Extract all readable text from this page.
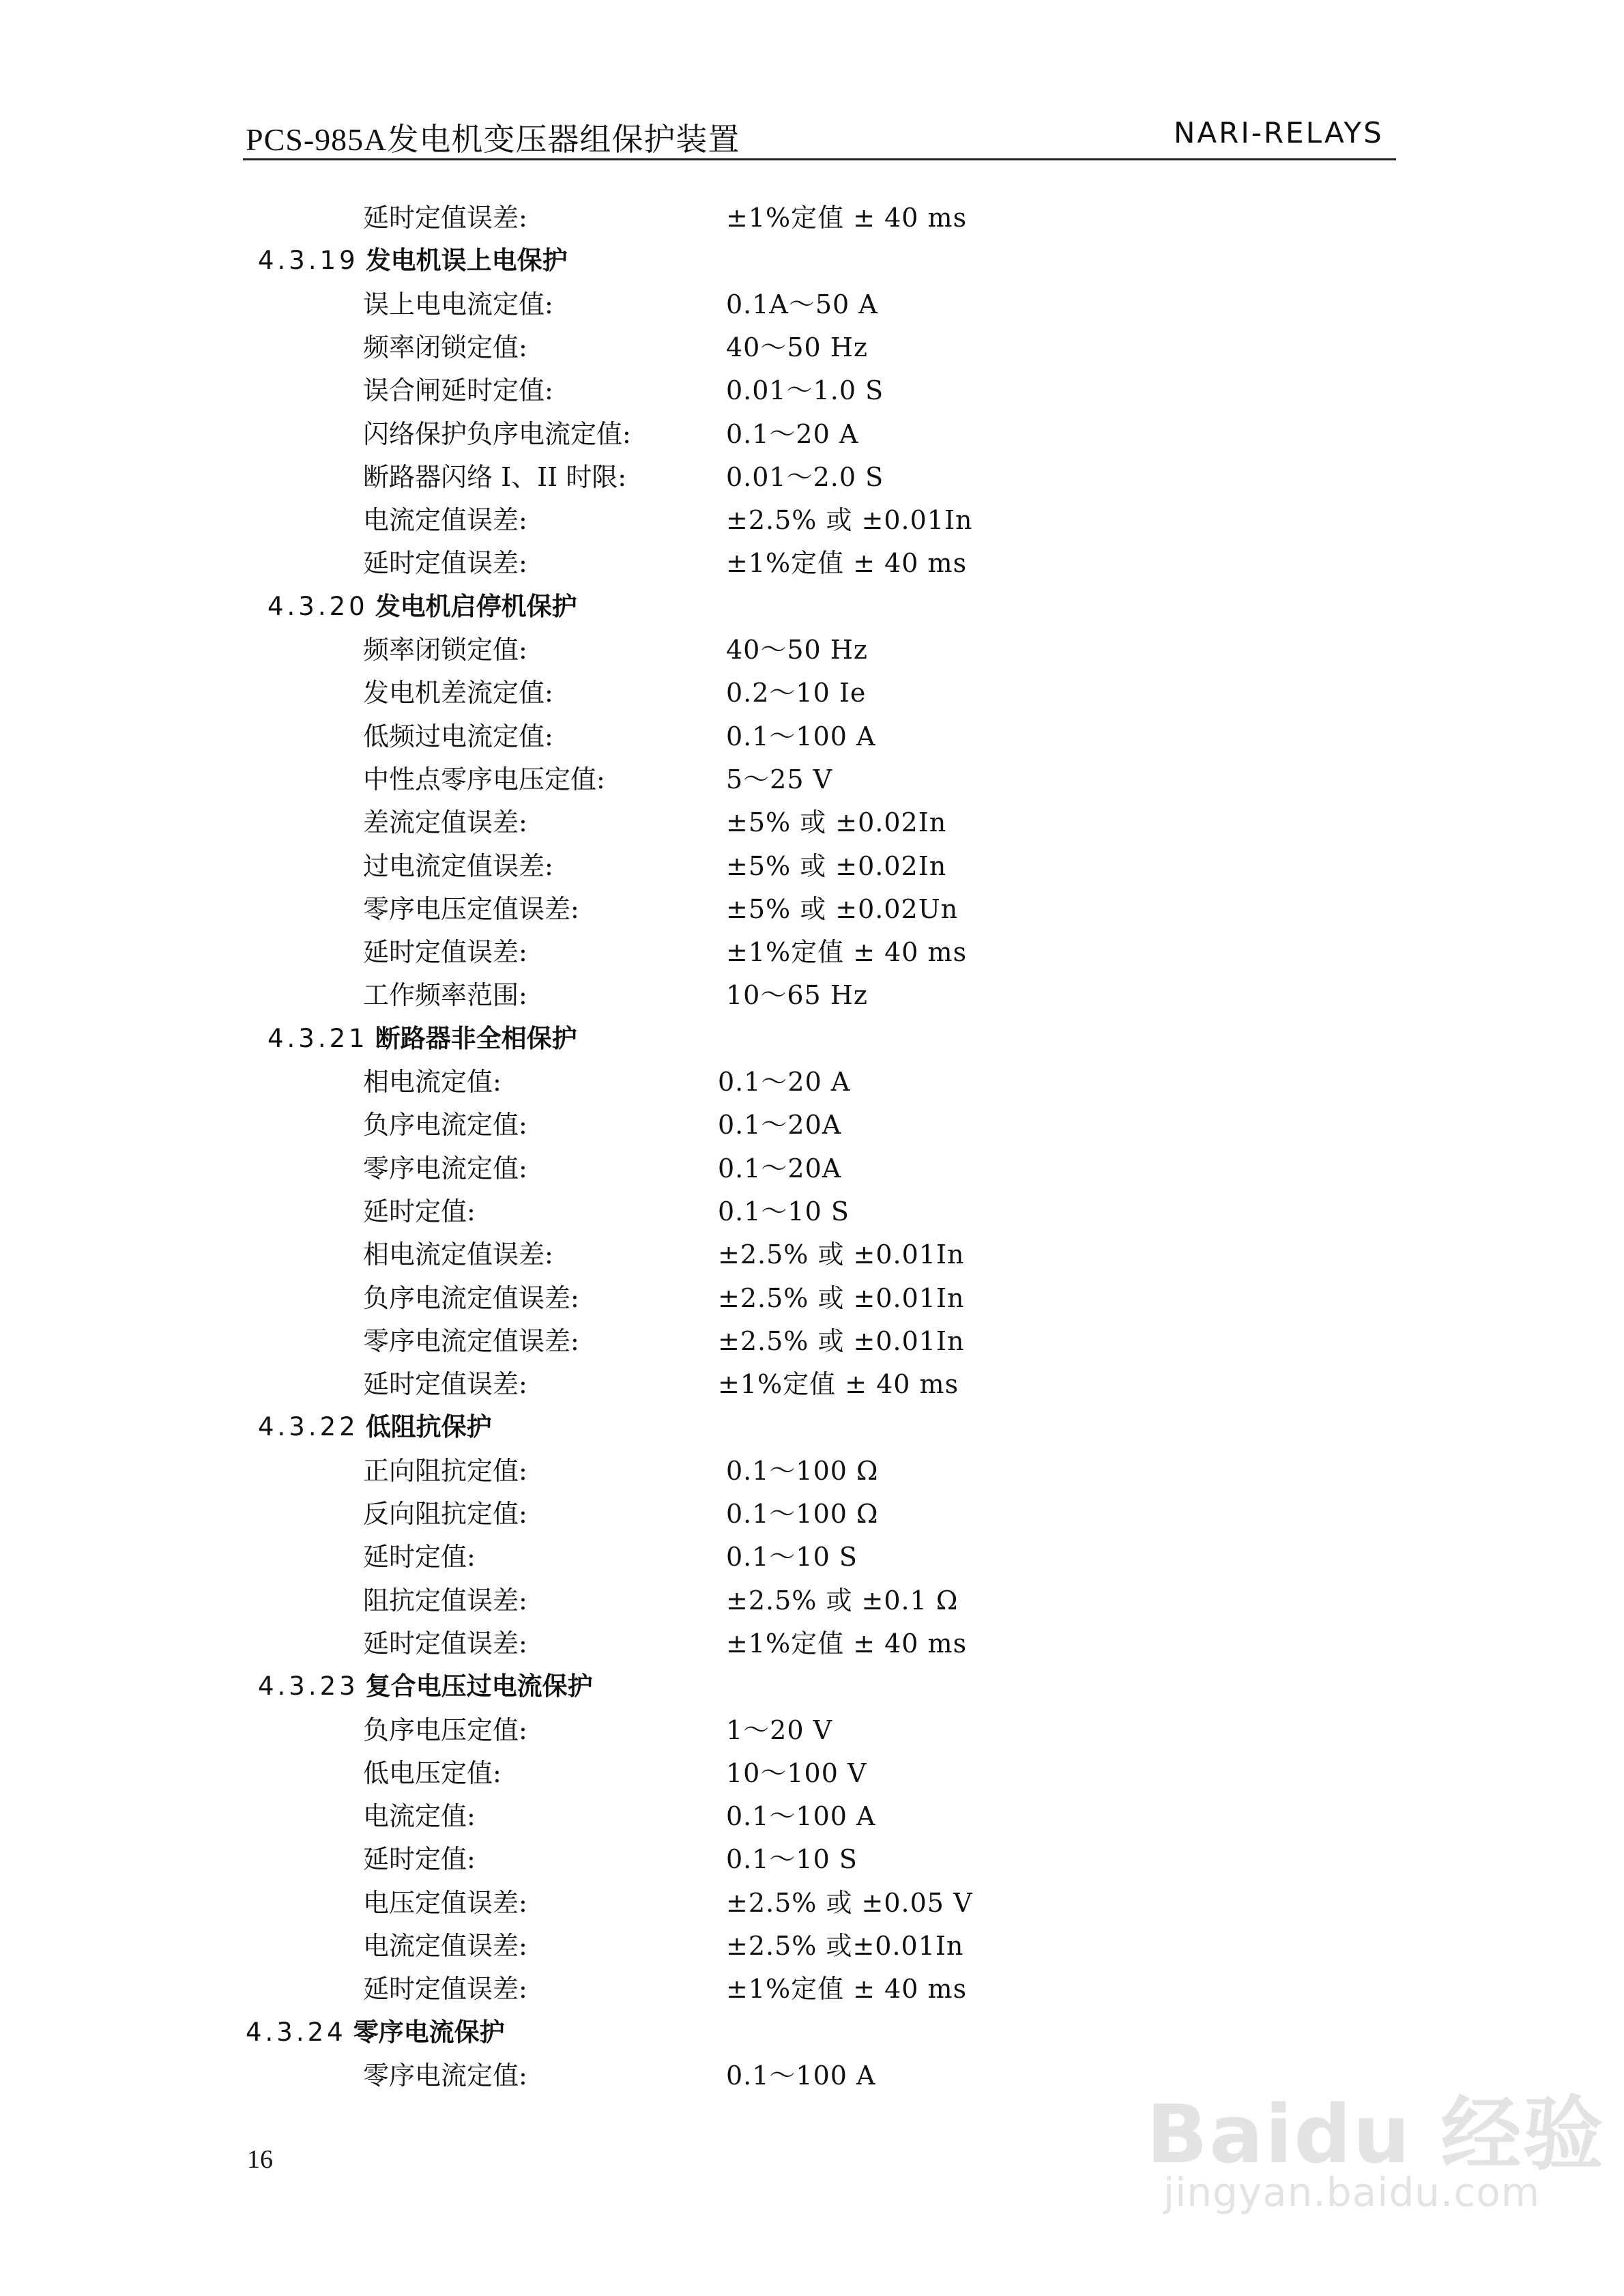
PCS-985A发电机变压器组保护装置	NARI-RELAYS
延时定值误差:	±1%定值 ± 40 ms
4.3.19 发电机误上电保护
误上电电流定值:	0.1A～50 A
频率闭锁定值:	40～50 Hz
误合闸延时定值:	0.01～1.0 S
闪络保护负序电流定值:	0.1～20 A
断路器闪络 I、II 时限:	0.01～2.0 S
电流定值误差:	±2.5% 或 ±0.01In
延时定值误差:	±1%定值 ± 40 ms
4.3.20 发电机启停机保护
频率闭锁定值:	40～50 Hz
发电机差流定值:	0.2～10 Ie
低频过电流定值:	0.1～100 A
中性点零序电压定值:	5～25 V
差流定值误差:	±5% 或 ±0.02In
过电流定值误差:	±5% 或 ±0.02In
零序电压定值误差:	±5% 或 ±0.02Un
延时定值误差:	±1%定值 ± 40 ms
工作频率范围:	10～65 Hz
4.3.21 断路器非全相保护
相电流定值:	0.1～20 A
负序电流定值:	0.1～20A
零序电流定值:	0.1～20A
延时定值:	0.1～10 S
相电流定值误差:	±2.5% 或 ±0.01In
负序电流定值误差:	±2.5% 或 ±0.01In
零序电流定值误差:	±2.5% 或 ±0.01In
延时定值误差:	±1%定值 ± 40 ms
4.3.22 低阻抗保护
正向阻抗定值:	0.1～100 Ω
反向阻抗定值:	0.1～100 Ω
延时定值:	0.1～10 S
阻抗定值误差:	±2.5% 或 ±0.1 Ω
延时定值误差:	±1%定值 ± 40 ms
4.3.23 复合电压过电流保护
负序电压定值:	1～20 V
低电压定值:	10～100 V
电流定值:	0.1～100 A
延时定值:	0.1～10 S
电压定值误差:	±2.5% 或 ±0.05 V
电流定值误差:	±2.5% 或±0.01In
延时定值误差:	±1%定值 ± 40 ms
4.3.24 零序电流保护
零序电流定值:	0.1～100 A
16	Baidu 经验
jingyan.baidu.com
